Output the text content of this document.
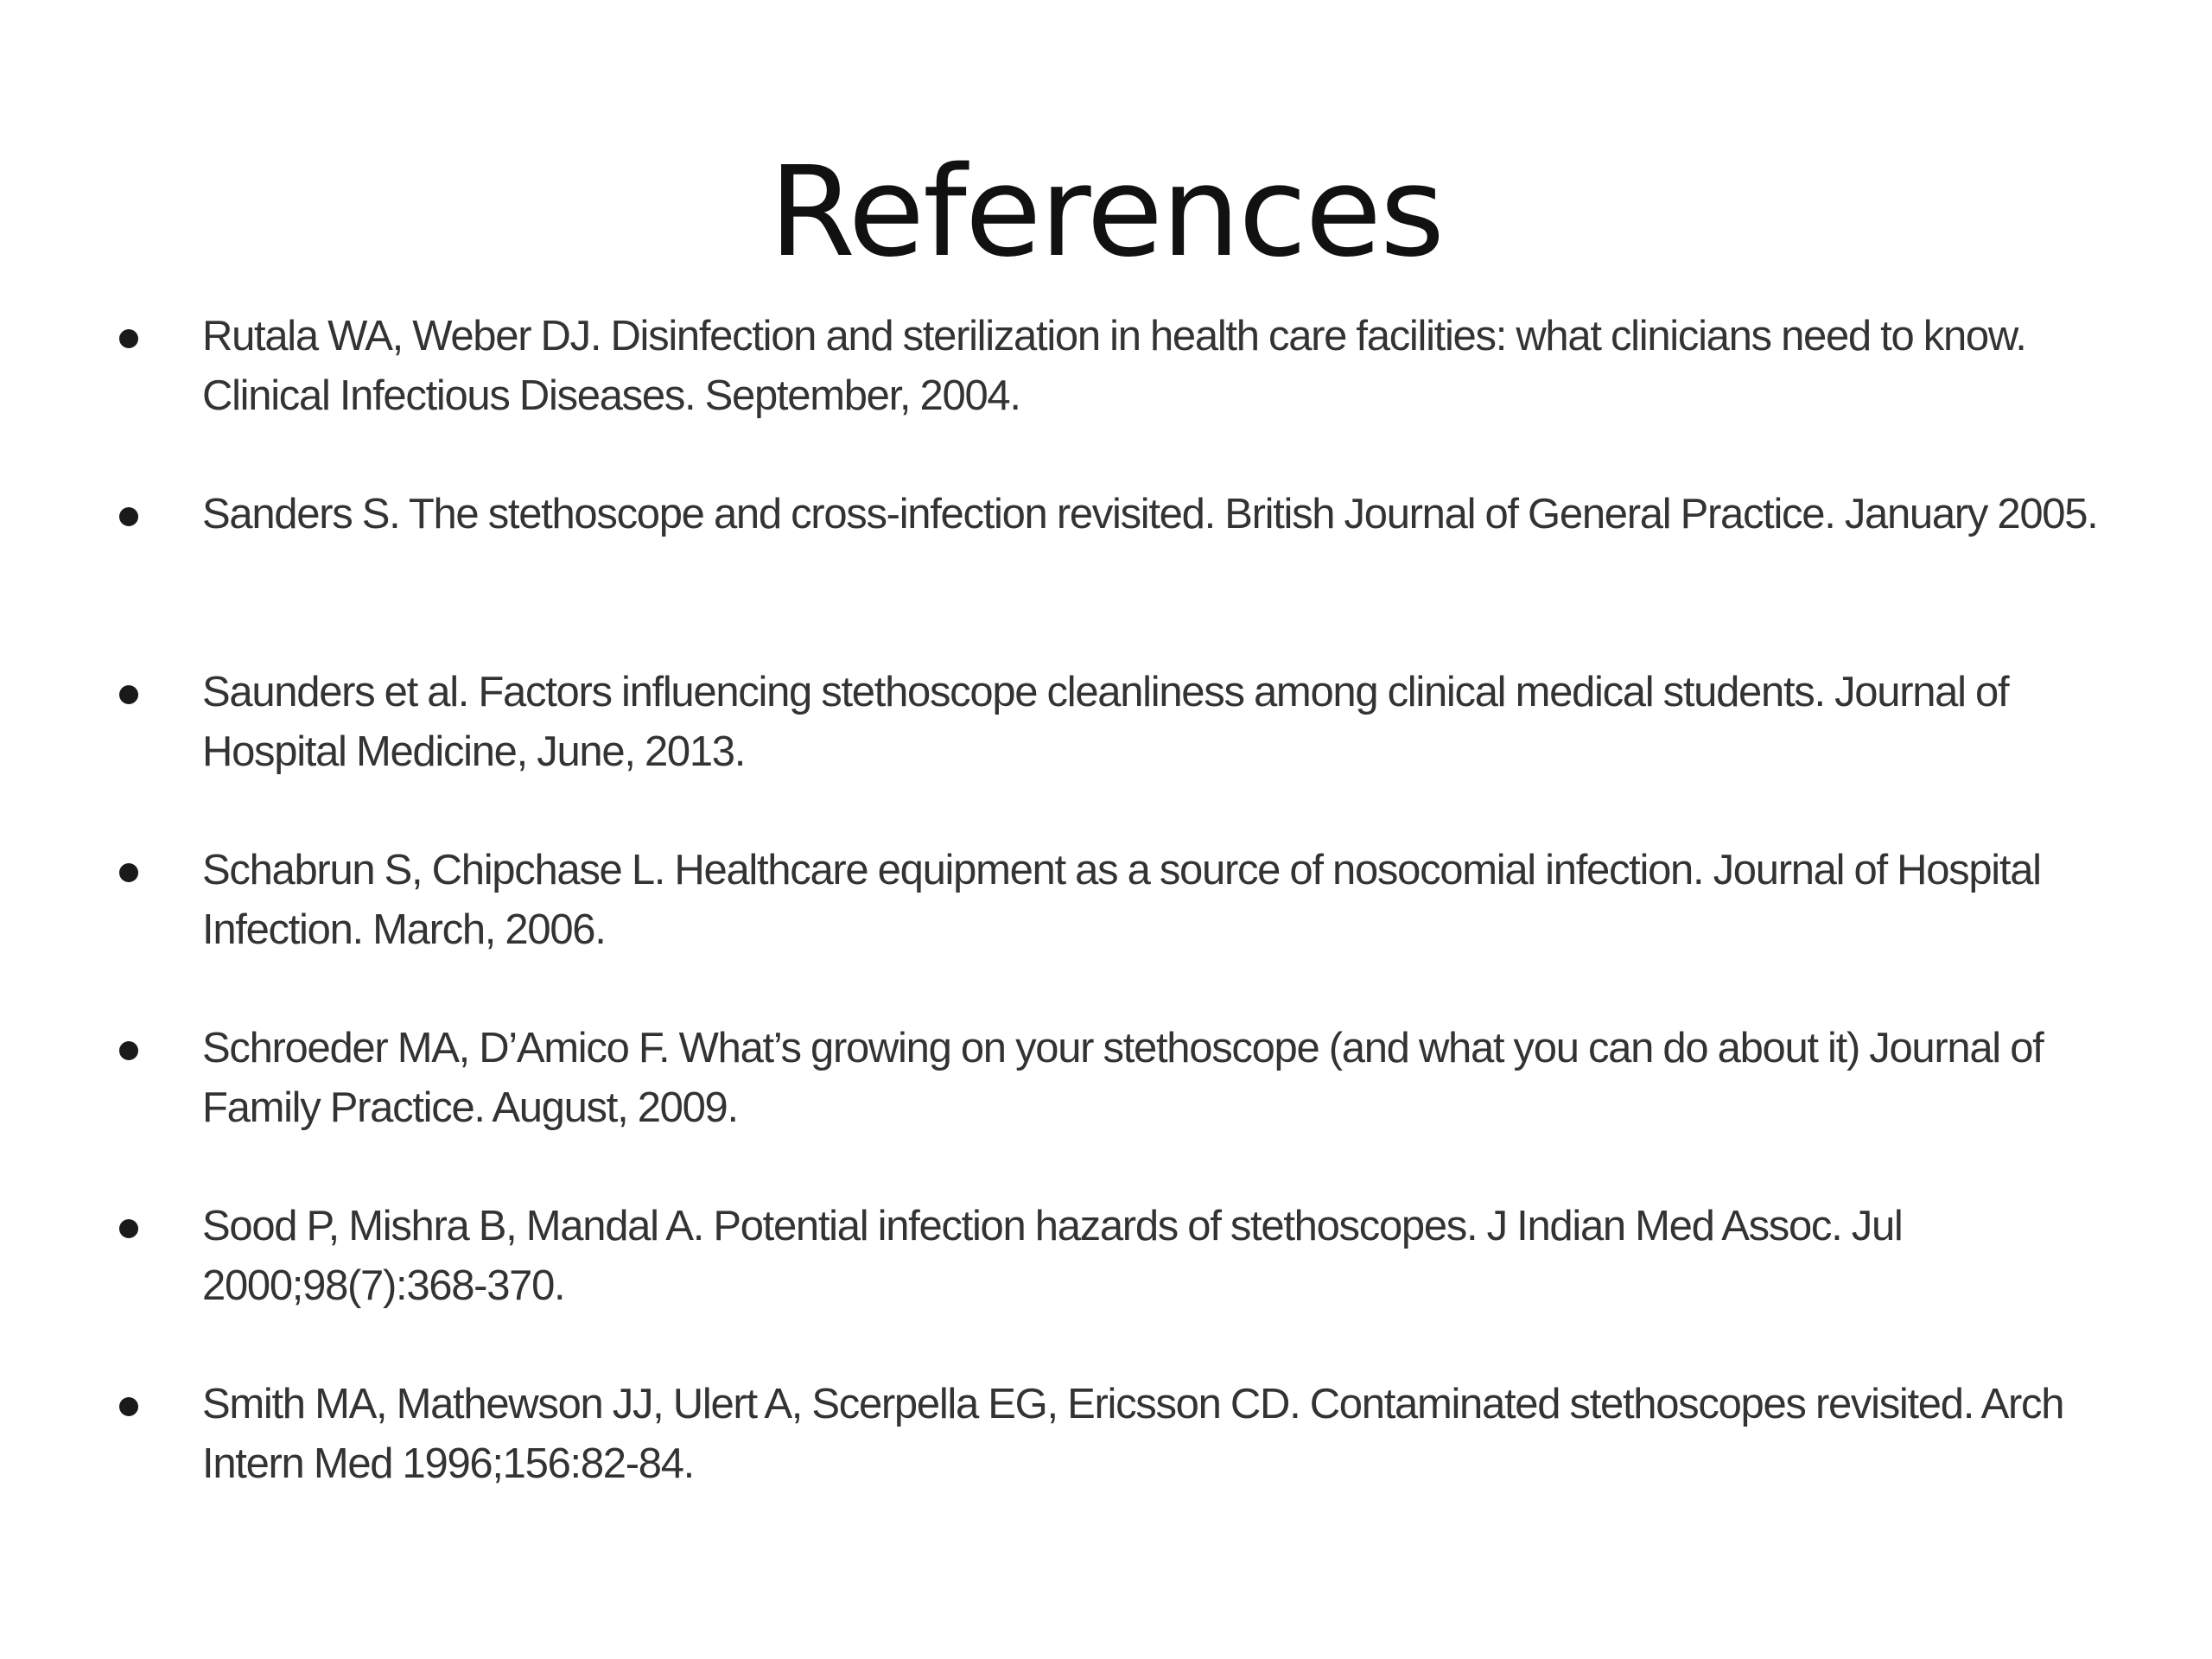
References
Rutala WA, Weber DJ. Disinfection and sterilization in health care facilities: what clinicians need to know. Clinical Infectious Diseases. September, 2004.
Sanders S. The stethoscope and cross-infection revisited. British Journal of General Practice. January 2005.
Saunders et al. Factors influencing stethoscope cleanliness among clinical medical students. Journal of Hospital Medicine, June, 2013.
Schabrun S, Chipchase L. Healthcare equipment as a source of nosocomial infection. Journal of Hospital Infection. March, 2006.
Schroeder MA, D’Amico F. What’s growing on your stethoscope (and what you can do about it) Journal of Family Practice. August, 2009.
Sood P, Mishra B, Mandal A. Potential infection hazards of stethoscopes. J Indian Med Assoc. Jul 2000;98(7):368-370.
Smith MA, Mathewson JJ, Ulert A, Scerpella EG, Ericsson CD. Contaminated stethoscopes revisited. Arch Intern Med 1996;156:82-84.
